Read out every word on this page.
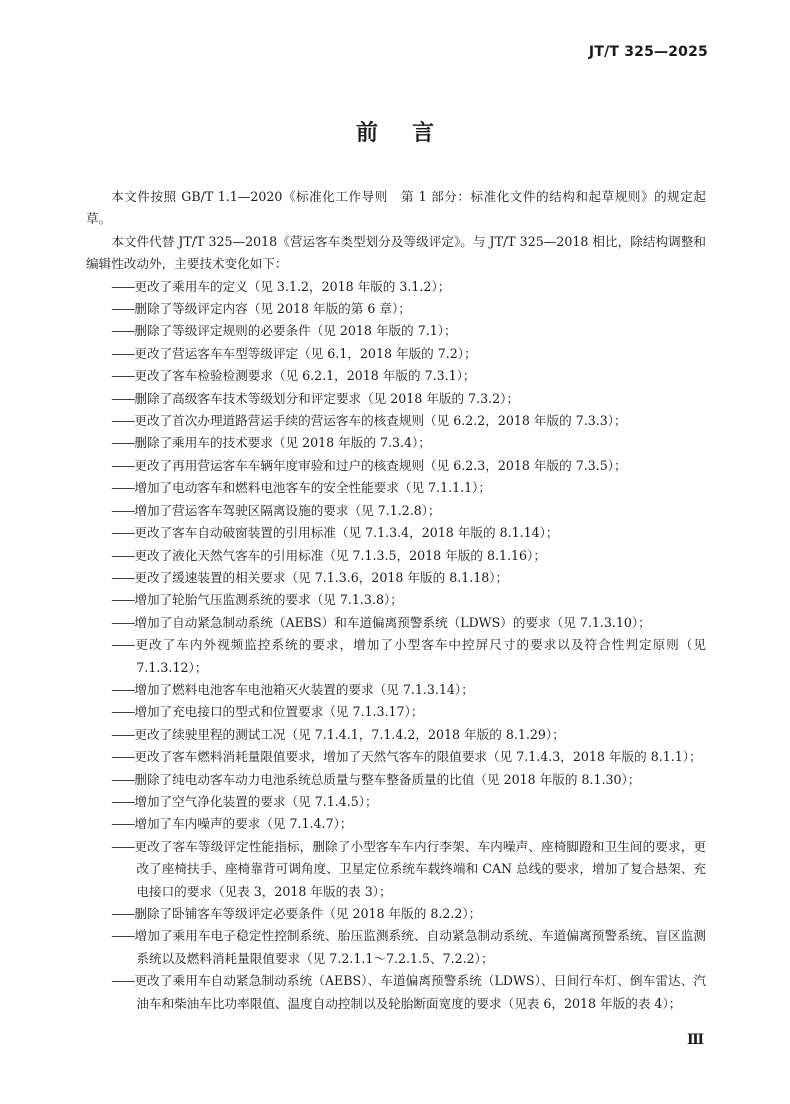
JT/T 325—2025
前言

本文件按照 GB/T 1.1—2020《标准化工作导则　第 1 部分：标准化文件的结构和起草规则》的规定起草。

本文件代替 JT/T 325—2018《营运客车类型划分及等级评定》。与 JT/T 325—2018 相比，除结构调整和编辑性改动外，主要技术变化如下：

——更改了乘用车的定义（见 3.1.2，2018 年版的 3.1.2）；
——删除了等级评定内容（见 2018 年版的第 6 章）；
——删除了等级评定规则的必要条件（见 2018 年版的 7.1）；
——更改了营运客车车型等级评定（见 6.1，2018 年版的 7.2）；
——更改了客车检验检测要求（见 6.2.1，2018 年版的 7.3.1）；
——删除了高级客车技术等级划分和评定要求（见 2018 年版的 7.3.2）；
——更改了首次办理道路营运手续的营运客车的核查规则（见 6.2.2，2018 年版的 7.3.3）；
——删除了乘用车的技术要求（见 2018 年版的 7.3.4）；
——更改了再用营运客车车辆年度审验和过户的核查规则（见 6.2.3，2018 年版的 7.3.5）；
——增加了电动客车和燃料电池客车的安全性能要求（见 7.1.1.1）；
——增加了营运客车驾驶区隔离设施的要求（见 7.1.2.8）；
——更改了客车自动破窗装置的引用标准（见 7.1.3.4，2018 年版的 8.1.14）；
——更改了液化天然气客车的引用标准（见 7.1.3.5，2018 年版的 8.1.16）；
——更改了缓速装置的相关要求（见 7.1.3.6，2018 年版的 8.1.18）；
——增加了轮胎气压监测系统的要求（见 7.1.3.8）；
——增加了自动紧急制动系统（AEBS）和车道偏离预警系统（LDWS）的要求（见 7.1.3.10）；
——更改了车内外视频监控系统的要求，增加了小型客车中控屏尺寸的要求以及符合性判定原则（见 7.1.3.12）；
——增加了燃料电池客车电池箱灭火装置的要求（见 7.1.3.14）；
——增加了充电接口的型式和位置要求（见 7.1.3.17）；
——更改了续驶里程的测试工况（见 7.1.4.1，7.1.4.2，2018 年版的 8.1.29）；
——更改了客车燃料消耗量限值要求，增加了天然气客车的限值要求（见 7.1.4.3，2018 年版的 8.1.1）；
——删除了纯电动客车动力电池系统总质量与整车整备质量的比值（见 2018 年版的 8.1.30）；
——增加了空气净化装置的要求（见 7.1.4.5）；
——增加了车内噪声的要求（见 7.1.4.7）；
——更改了客车等级评定性能指标，删除了小型客车车内行李架、车内噪声、座椅脚蹬和卫生间的要求，更改了座椅扶手、座椅靠背可调角度、卫星定位系统车载终端和 CAN 总线的要求，增加了复合悬架、充电接口的要求（见表 3，2018 年版的表 3）；
——删除了卧铺客车等级评定必要条件（见 2018 年版的 8.2.2）；
——增加了乘用车电子稳定性控制系统、胎压监测系统、自动紧急制动系统、车道偏离预警系统、盲区监测系统以及燃料消耗量限值要求（见 7.2.1.1～7.2.1.5、7.2.2）；
——更改了乘用车自动紧急制动系统（AEBS）、车道偏离预警系统（LDWS）、日间行车灯、倒车雷达、汽油车和柴油车比功率限值、温度自动控制以及轮胎断面宽度的要求（见表 6，2018 年版的表 4）；
Ⅲ
